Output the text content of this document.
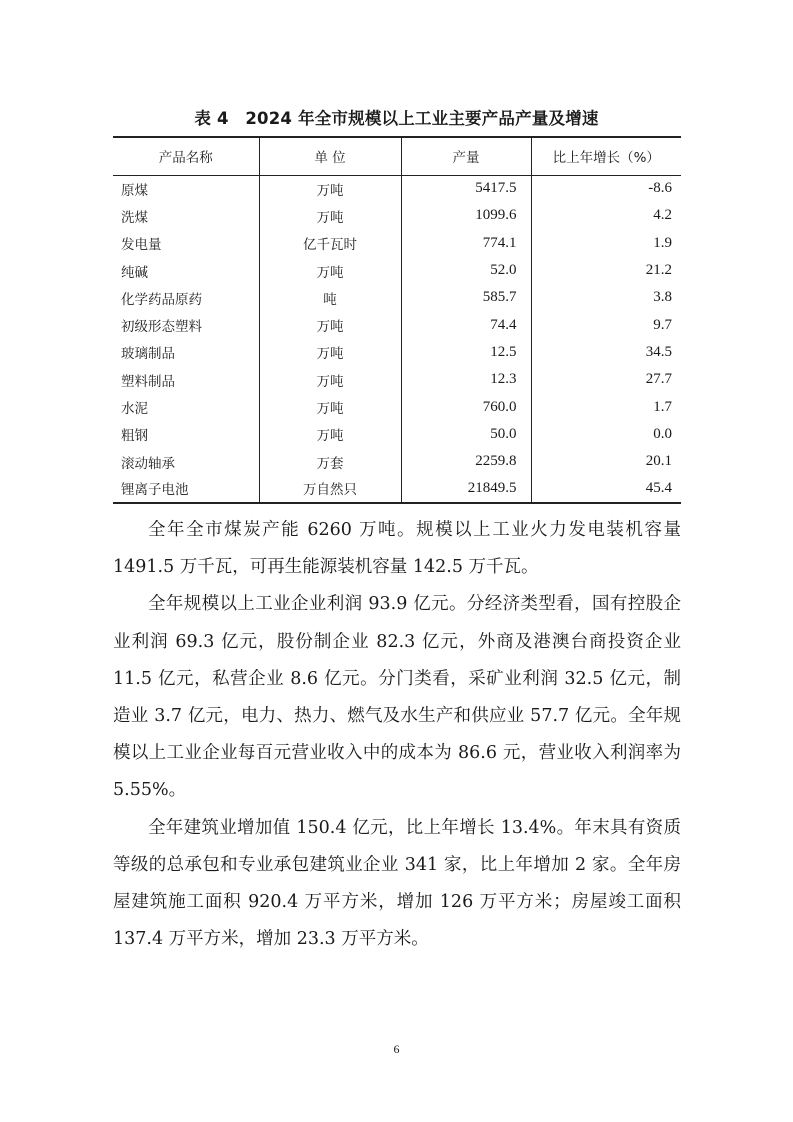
表 4　2024 年全市规模以上工业主要产品产量及增速
产品名称	单 位	产量	比上年增长（%）
原煤	万吨	5417.5	-8.6
洗煤	万吨	1099.6	4.2
发电量	亿千瓦时	774.1	1.9
纯碱	万吨	52.0	21.2
化学药品原药	吨	585.7	3.8
初级形态塑料	万吨	74.4	9.7
玻璃制品	万吨	12.5	34.5
塑料制品	万吨	12.3	27.7
水泥	万吨	760.0	1.7
粗钢	万吨	50.0	0.0
滚动轴承	万套	2259.8	20.1
锂离子电池	万自然只	21849.5	45.4

全年全市煤炭产能 6260 万吨。规模以上工业火力发电装机容量 1491.5 万千瓦，可再生能源装机容量 142.5 万千瓦。

全年规模以上工业企业利润 93.9 亿元。分经济类型看，国有控股企业利润 69.3 亿元，股份制企业 82.3 亿元，外商及港澳台商投资企业 11.5 亿元，私营企业 8.6 亿元。分门类看，采矿业利润 32.5 亿元，制造业 3.7 亿元，电力、热力、燃气及水生产和供应业 57.7 亿元。全年规模以上工业企业每百元营业收入中的成本为 86.6 元，营业收入利润率为 5.55%。

全年建筑业增加值 150.4 亿元，比上年增长 13.4%。年末具有资质等级的总承包和专业承包建筑业企业 341 家，比上年增加 2 家。全年房屋建筑施工面积 920.4 万平方米，增加 126 万平方米；房屋竣工面积 137.4 万平方米，增加 23.3 万平方米。

6
